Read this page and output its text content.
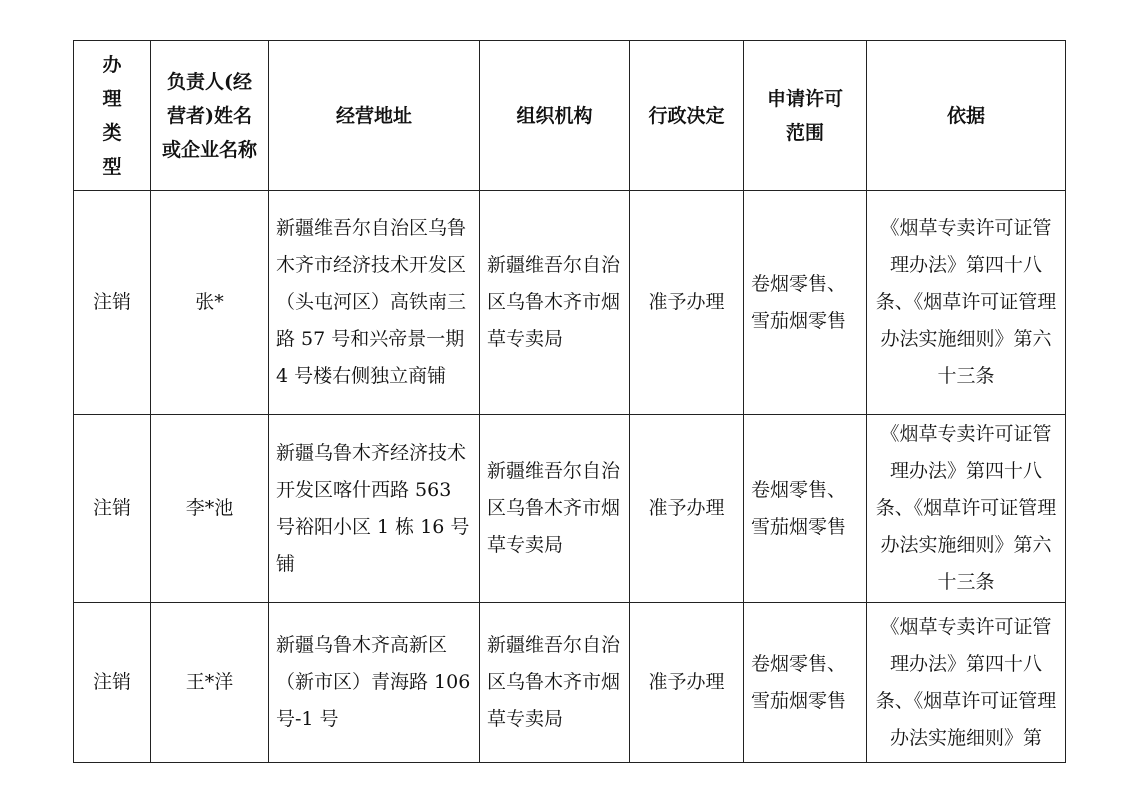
办理类型	负责人(经营者)姓名或企业名称	经营地址	组织机构	行政决定	申请许可范围	依据
注销	张*	新疆维吾尔自治区乌鲁木齐市经济技术开发区（头屯河区）高铁南三路 57 号和兴帝景一期 4 号楼右侧独立商铺	新疆维吾尔自治区乌鲁木齐市烟草专卖局	准予办理	卷烟零售、雪茄烟零售	《烟草专卖许可证管理办法》第四十八条、《烟草许可证管理办法实施细则》第六十三条
注销	李*池	新疆乌鲁木齐经济技术开发区喀什西路 563 号裕阳小区 1 栋 16 号铺	新疆维吾尔自治区乌鲁木齐市烟草专卖局	准予办理	卷烟零售、雪茄烟零售	《烟草专卖许可证管理办法》第四十八条、《烟草许可证管理办法实施细则》第六十三条
注销	王*洋	新疆乌鲁木齐高新区（新市区）青海路 106 号-1 号	新疆维吾尔自治区乌鲁木齐市烟草专卖局	准予办理	卷烟零售、雪茄烟零售	《烟草专卖许可证管理办法》第四十八条、《烟草许可证管理办法实施细则》第
